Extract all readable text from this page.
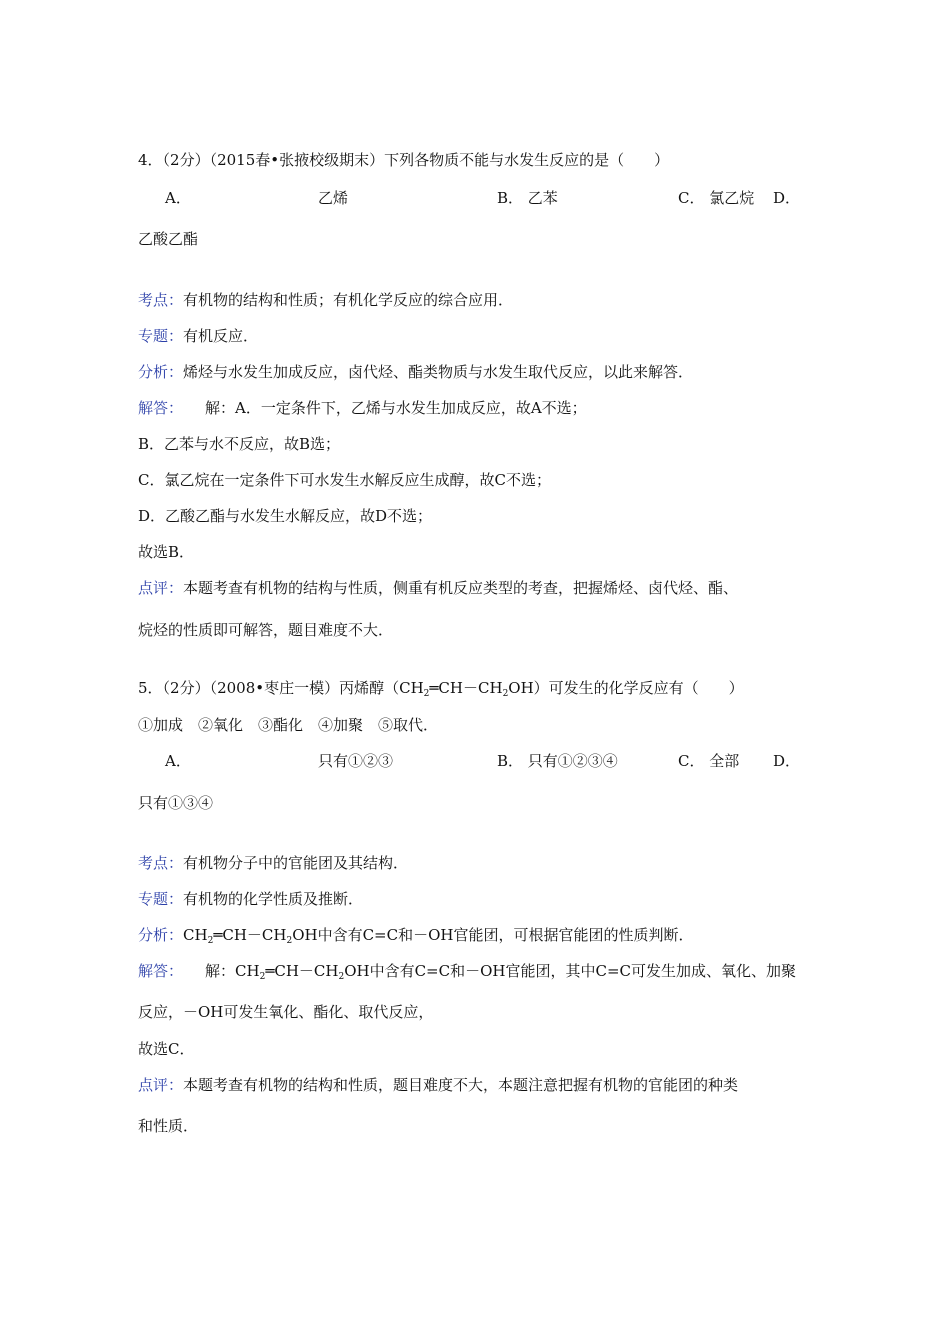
4．（2分）（2015春•张掖校级期末）下列各物质不能与水发生反应的是（　　）
A．	乙烯	B． 乙苯	C． 氯乙烷 D．
乙酸乙酯
考点：有机物的结构和性质；有机化学反应的综合应用．
专题：有机反应．
分析：烯烃与水发生加成反应，卤代烃、酯类物质与水发生取代反应，以此来解答．
解答： 解：A．一定条件下，乙烯与水发生加成反应，故A不选；
B．乙苯与水不反应，故B选；
C．氯乙烷在一定条件下可水发生水解反应生成醇，故C不选；
D．乙酸乙酯与水发生水解反应，故D不选；
故选B．
点评：本题考查有机物的结构与性质，侧重有机反应类型的考查，把握烯烃、卤代烃、酯、
烷烃的性质即可解答，题目难度不大．
5．（2分）（2008•枣庄一模）丙烯醇$(CH_2═CH-CH_2OH)$可发生的化学反应有（　　）
①加成　②氧化　③酯化　④加聚　⑤取代．
A．	只有①②③	B． 只有①②③④	C． 全部 D．
只有①③④
考点：有机物分子中的官能团及其结构．
专题：有机物的化学性质及推断．
分析：$CH_2═CH-CH_2OH$中含有C=C和－OH官能团，可根据官能团的性质判断．
解答： 解：$CH_2═CH-CH_2OH$中含有C=C和－OH官能团，其中C=C可发生加成、氧化、加聚
反应，－OH可发生氧化、酯化、取代反应，
故选C．
点评：本题考查有机物的结构和性质，题目难度不大，本题注意把握有机物的官能团的种类
和性质．
